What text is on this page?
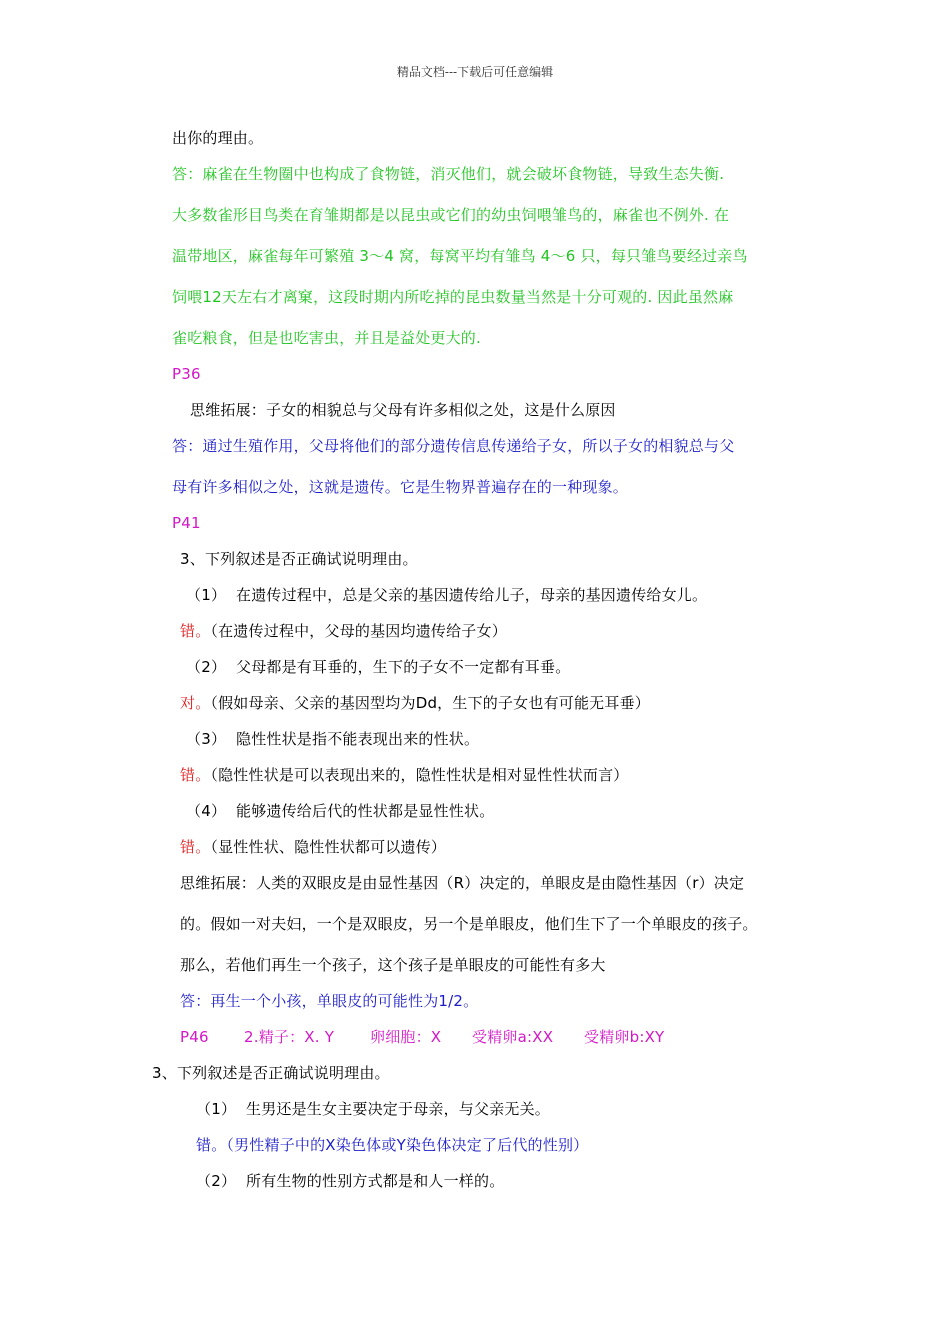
精品文档---下载后可任意编辑
出你的理由。
答：麻雀在生物圈中也构成了食物链，消灭他们，就会破坏食物链，导致生态失衡.
大多数雀形目鸟类在育雏期都是以昆虫或它们的幼虫饲喂雏鸟的，麻雀也不例外. 在
温带地区，麻雀每年可繁殖 3～4 窝，每窝平均有雏鸟 4～6 只，每只雏鸟要经过亲鸟
饲喂12天左右才离窠，这段时期内所吃掉的昆虫数量当然是十分可观的. 因此虽然麻
雀吃粮食，但是也吃害虫，并且是益处更大的.
P36
思维拓展：子女的相貌总与父母有许多相似之处，这是什么原因
答：通过生殖作用，父母将他们的部分遗传信息传递给子女，所以子女的相貌总与父
母有许多相似之处，这就是遗传。它是生物界普遍存在的一种现象。
P41
3、下列叙述是否正确试说明理由。
（1） 在遗传过程中，总是父亲的基因遗传给儿子，母亲的基因遗传给女儿。
错。（在遗传过程中，父母的基因均遗传给子女）
（2） 父母都是有耳垂的，生下的子女不一定都有耳垂。
对。（假如母亲、父亲的基因型均为Dd，生下的子女也有可能无耳垂）
（3） 隐性性状是指不能表现出来的性状。
错。（隐性性状是可以表现出来的，隐性性状是相对显性性状而言）
（4） 能够遗传给后代的性状都是显性性状。
错。（显性性状、隐性性状都可以遗传）
思维拓展：人类的双眼皮是由显性基因（R）决定的，单眼皮是由隐性基因（r）决定
的。假如一对夫妇，一个是双眼皮，另一个是单眼皮，他们生下了一个单眼皮的孩子。
那么，若他们再生一个孩子，这个孩子是单眼皮的可能性有多大
答：再生一个小孩，单眼皮的可能性为1/2。
P46 2.精子：X. Y 卵细胞：X 受精卵a:XX 受精卵b:XY
3、下列叙述是否正确试说明理由。
（1） 生男还是生女主要决定于母亲，与父亲无关。
错。（男性精子中的X染色体或Y染色体决定了后代的性别）
（2） 所有生物的性别方式都是和人一样的。
